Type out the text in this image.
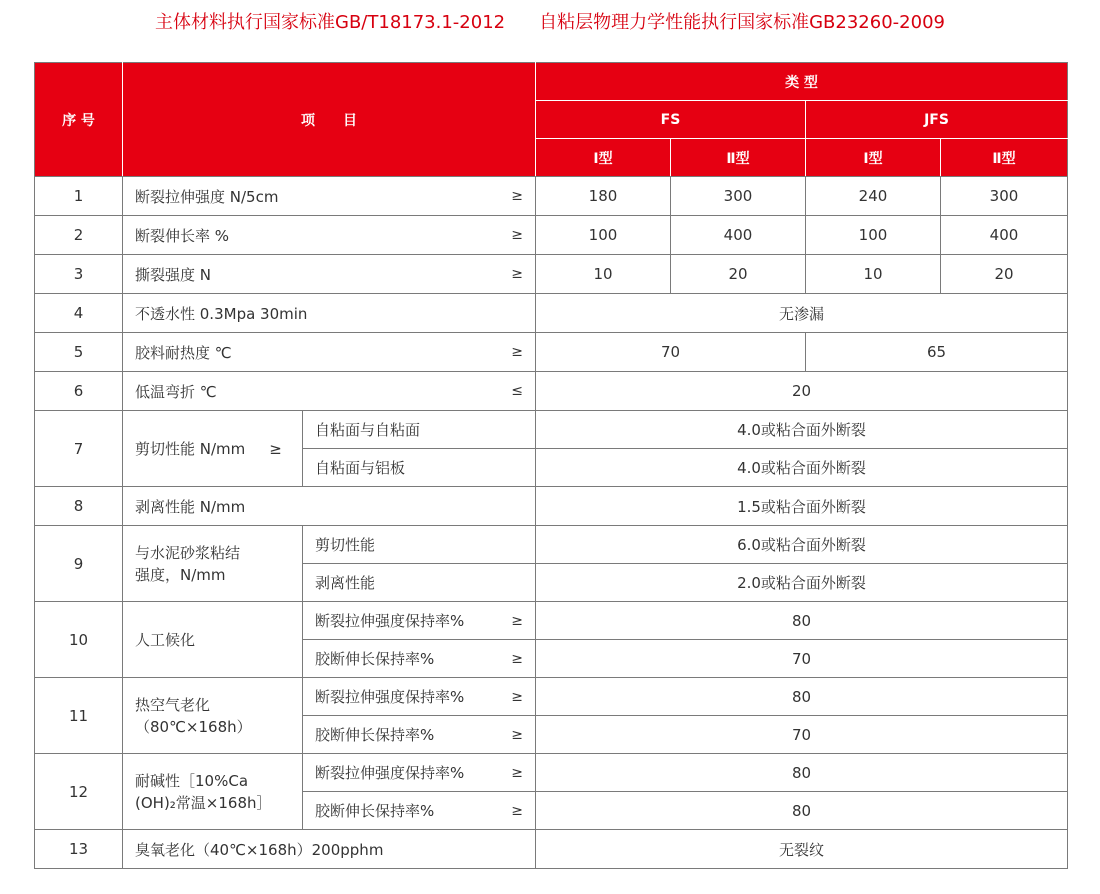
主体材料执行国家标准GB/T18173.1-2012 自粘层物理力学性能执行国家标准GB23260-2009
序 号	项　　目		类 型			
			FS		JFS	
			Ⅰ型	Ⅱ型	Ⅰ型	Ⅱ型
1	断裂拉伸强度 N/5cm ≥		180	300	240	300
2	断裂伸长率 % ≥		100	400	100	400
3	撕裂强度 N ≥		10	20	10	20
4	不透水性 0.3Mpa 30min		无渗漏			
5	胶料耐热度 ℃ ≥		70		65	
6	低温弯折 ℃ ≤		20			
7	剪切性能 N/mm ≥	自粘面与自粘面	4.0或粘合面外断裂			
		自粘面与铝板	4.0或粘合面外断裂			
8	剥离性能 N/mm		1.5或粘合面外断裂			
9	与水泥砂浆粘结
强度，N/mm	剪切性能	6.0或粘合面外断裂			
		剥离性能	2.0或粘合面外断裂			
10	人工候化	断裂拉伸强度保持率% ≥	80			
		胶断伸长保持率% ≥	70			
11	热空气老化
（80℃×168h）	断裂拉伸强度保持率% ≥	80			
		胶断伸长保持率% ≥	70			
12	耐碱性［10%Ca
(OH)₂常温×168h］	断裂拉伸强度保持率% ≥	80			
		胶断伸长保持率% ≥	80			
13	臭氧老化（40℃×168h）200pphm		无裂纹			
